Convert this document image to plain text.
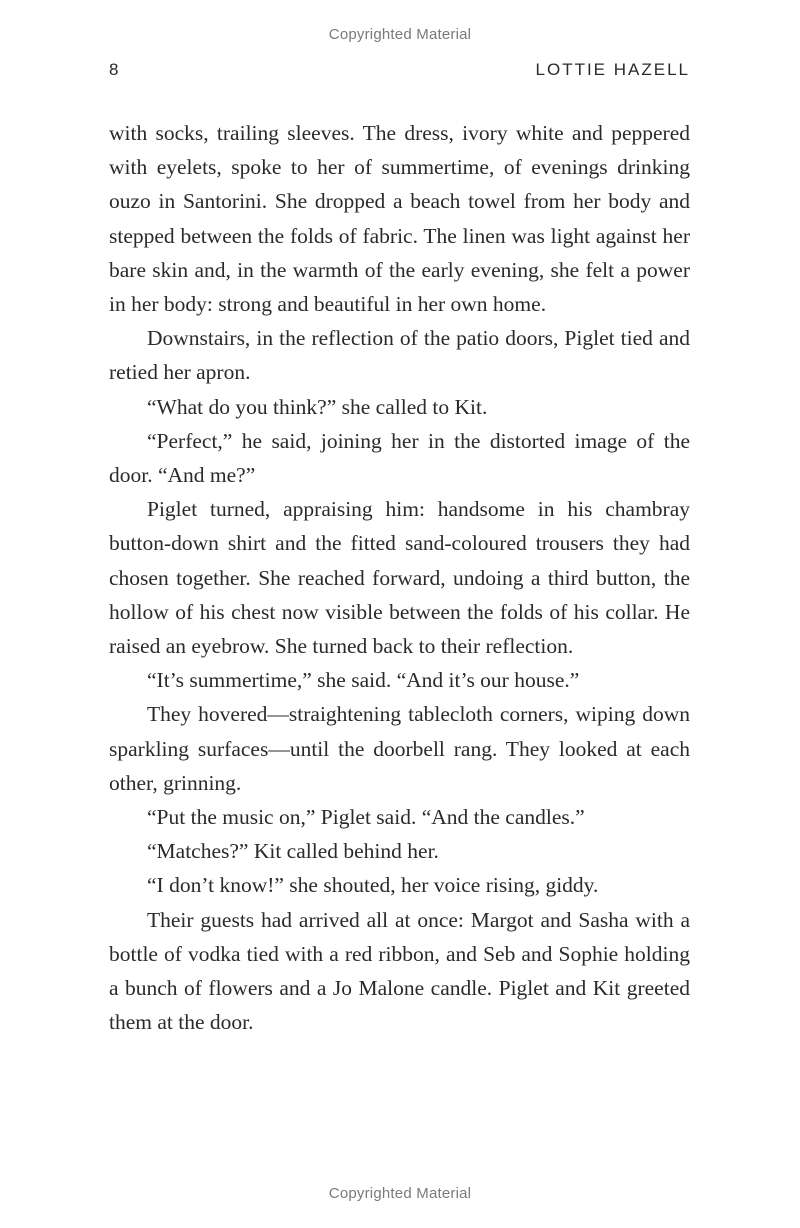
Copyrighted Material
8	LOTTIE HAZELL

with socks, trailing sleeves. The dress, ivory white and peppered with eyelets, spoke to her of summertime, of evenings drinking ouzo in Santorini. She dropped a beach towel from her body and stepped between the folds of fabric. The linen was light against her bare skin and, in the warmth of the early evening, she felt a power in her body: strong and beautiful in her own home.

Downstairs, in the reflection of the patio doors, Piglet tied and retied her apron.

“What do you think?” she called to Kit.

“Perfect,” he said, joining her in the distorted image of the door. “And me?”

Piglet turned, appraising him: handsome in his chambray button-down shirt and the fitted sand-coloured trousers they had chosen together. She reached forward, undoing a third button, the hollow of his chest now visible between the folds of his collar. He raised an eyebrow. She turned back to their reflection.

“It’s summertime,” she said. “And it’s our house.”

They hovered—straightening tablecloth corners, wiping down sparkling surfaces—until the doorbell rang. They looked at each other, grinning.

“Put the music on,” Piglet said. “And the candles.”

“Matches?” Kit called behind her.

“I don’t know!” she shouted, her voice rising, giddy.

Their guests had arrived all at once: Margot and Sasha with a bottle of vodka tied with a red ribbon, and Seb and Sophie holding a bunch of flowers and a Jo Malone candle. Piglet and Kit greeted them at the door.

Copyrighted Material
